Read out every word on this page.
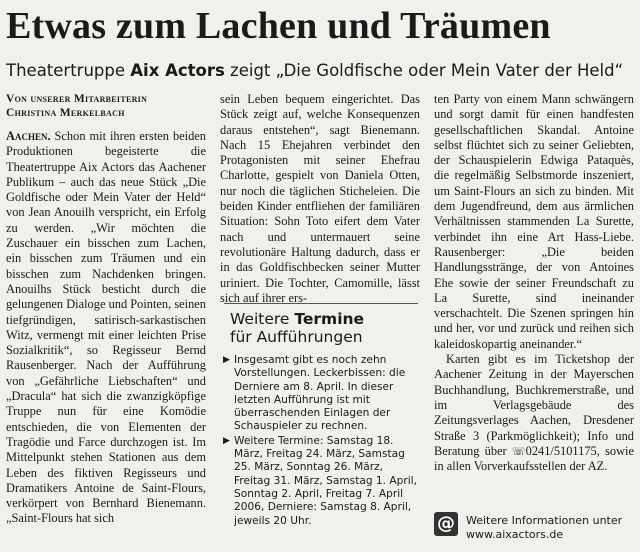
Etwas zum Lachen und Träumen
Theatertruppe Aix Actors zeigt „Die Goldfische oder Mein Vater der Held“
Von unserer Mitarbeiterin
Christina Merkelbach

Aachen. Schon mit ihren ersten beiden Produktionen begeisterte die Theatertruppe Aix Actors das Aachener Publikum – auch das neue Stück „Die Goldfische oder Mein Vater der Held“ von Jean Anouilh verspricht, ein Erfolg zu werden. „Wir möchten die Zuschauer ein bisschen zum Lachen, ein bisschen zum Träumen und ein bisschen zum Nachdenken bringen. Anouilhs Stück besticht durch die gelungenen Dialoge und Pointen, seinen tiefgründigen, satirisch-sarkastischen Witz, vermengt mit einer leichten Prise Sozialkritik“, so Regisseur Bernd Rausenberger. Nach der Aufführung von „Gefährliche Liebschaften“ und „Dracula“ hat sich die zwanzigköpfige Truppe nun für eine Komödie entschieden, die von Elementen der Tragödie und Farce durchzogen ist. Im Mittelpunkt stehen Stationen aus dem Leben des fiktiven Regisseurs und Dramatikers Antoine de Saint-Flours, verkörpert von Bernhard Bienemann. „Saint-Flours hat sich

sein Leben bequem eingerichtet. Das Stück zeigt auf, welche Konsequenzen daraus entstehen“, sagt Bienemann. Nach 15 Ehejahren verbindet den Protagonisten mit seiner Ehefrau Charlotte, gespielt von Daniela Otten, nur noch die täglichen Sticheleien. Die beiden Kinder entfliehen der familiären Situation: Sohn Toto eifert dem Vater nach und untermauert seine revolutionäre Haltung dadurch, dass er in das Goldfischbecken seiner Mutter uriniert. Die Tochter, Camomille, lässt sich auf ihrer ers-

Weitere Termine
für Aufführungen
▶ Insgesamt gibt es noch zehn Vorstellungen. Leckerbissen: die Derniere am 8. April. In dieser letzten Aufführung ist mit überraschenden Einlagen der Schauspieler zu rechnen.
▶ Weitere Termine: Samstag 18. März, Freitag 24. März, Samstag 25. März, Sonntag 26. März, Freitag 31. März, Samstag 1. April, Sonntag 2. April, Freitag 7. April 2006, Derniere: Samstag 8. April, jeweils 20 Uhr.

ten Party von einem Mann schwängern und sorgt damit für einen handfesten gesellschaftlichen Skandal. Antoine selbst flüchtet sich zu seiner Geliebten, der Schauspielerin Edwiga Pataquès, die regelmäßig Selbstmorde inszeniert, um Saint-Flours an sich zu binden. Mit dem Jugendfreund, dem aus ärmlichen Verhältnissen stammenden La Surette, verbindet ihn eine Art Hass-Liebe. Rausenberger: „Die beiden Handlungsstränge, der von Antoines Ehe sowie der seiner Freundschaft zu La Surette, sind ineinander verschachtelt. Die Szenen springen hin und her, vor und zurück und reihen sich kaleidoskopartig aneinander.“

Karten gibt es im Ticketshop der Aachener Zeitung in der Mayerschen Buchhandlung, Buchkremerstraße, und im Verlagsgebäude des Zeitungsverlages Aachen, Dresdener Straße 3 (Parkmöglichkeit); Info und Beratung über ☏0241/5101175, sowie in allen Vorverkaufsstellen der AZ.

@ Weitere Informationen unter
www.aixactors.de
